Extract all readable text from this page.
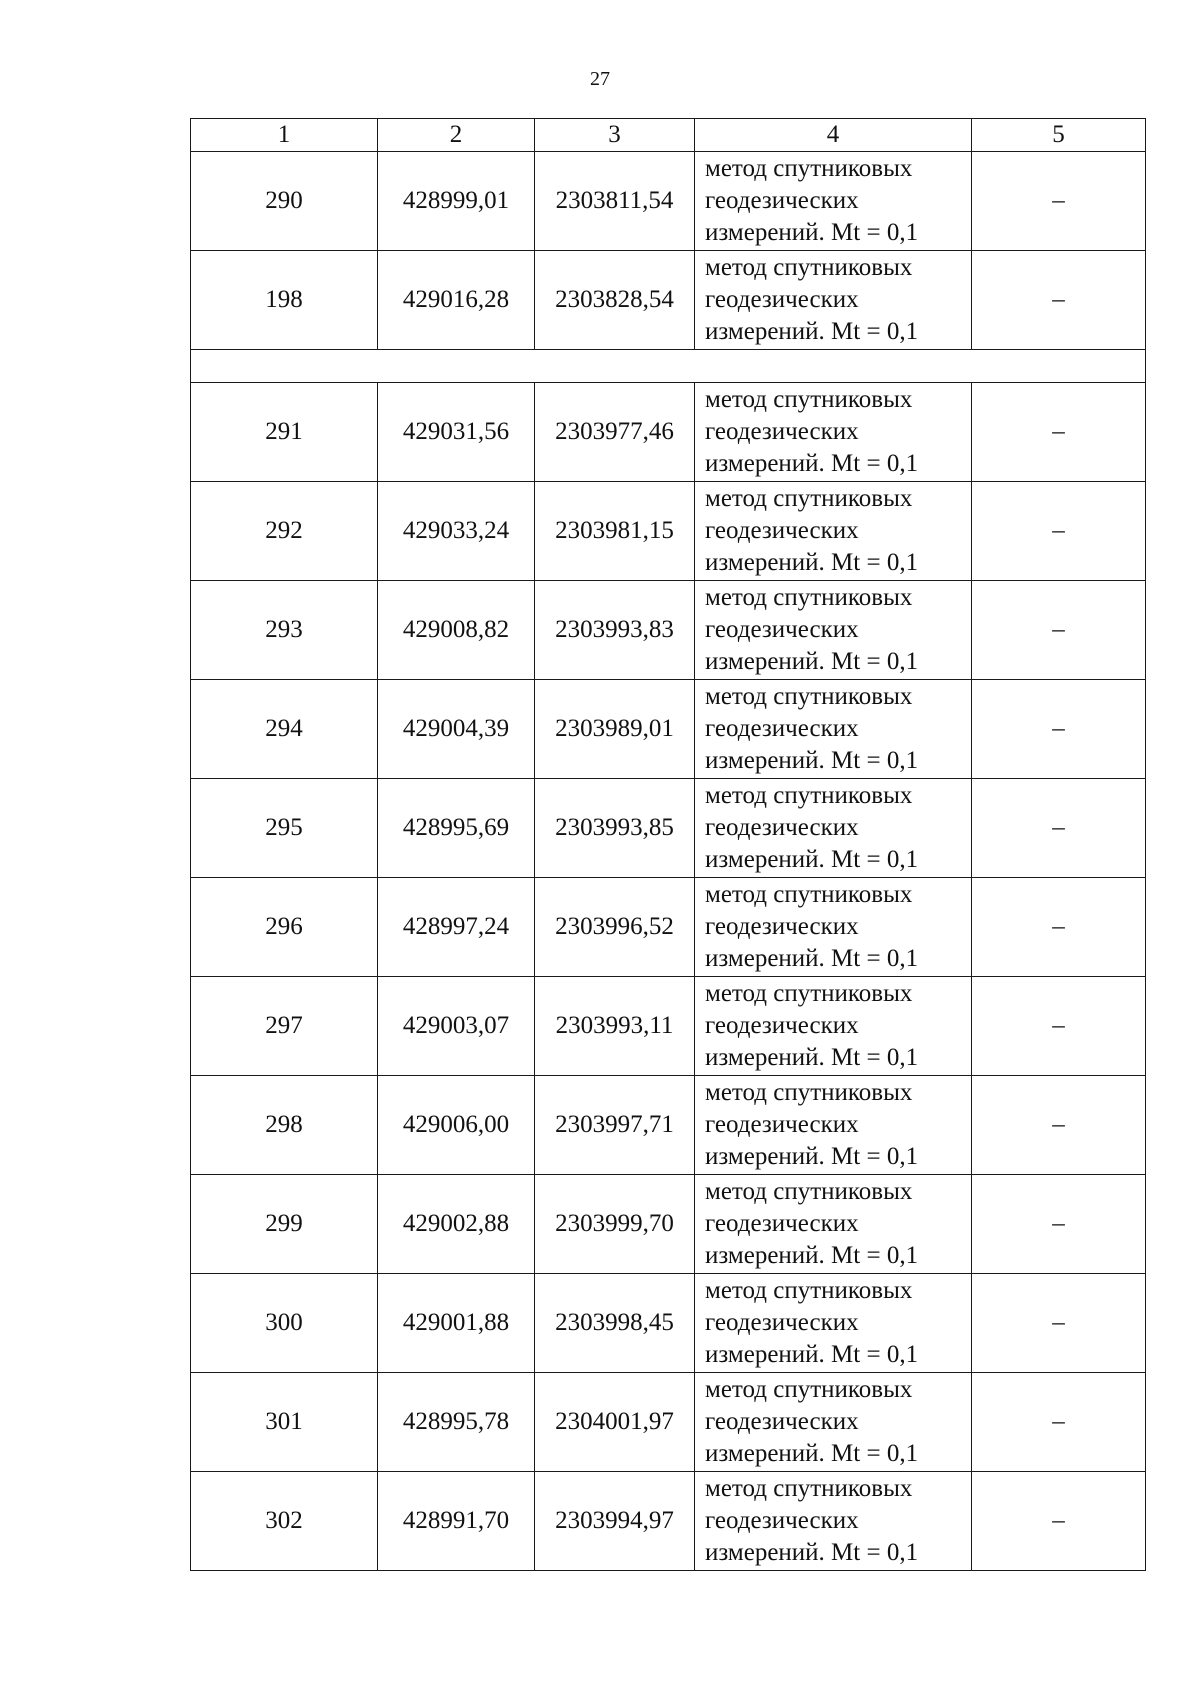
27
1	2	3	4	5
290	428999,01	2303811,54	метод спутниковых
геодезических
измерений. Mt = 0,1	–
198	429016,28	2303828,54	метод спутниковых
геодезических
измерений. Mt = 0,1	–

291	429031,56	2303977,46	метод спутниковых
геодезических
измерений. Mt = 0,1	–
292	429033,24	2303981,15	метод спутниковых
геодезических
измерений. Mt = 0,1	–
293	429008,82	2303993,83	метод спутниковых
геодезических
измерений. Mt = 0,1	–
294	429004,39	2303989,01	метод спутниковых
геодезических
измерений. Mt = 0,1	–
295	428995,69	2303993,85	метод спутниковых
геодезических
измерений. Mt = 0,1	–
296	428997,24	2303996,52	метод спутниковых
геодезических
измерений. Mt = 0,1	–
297	429003,07	2303993,11	метод спутниковых
геодезических
измерений. Mt = 0,1	–
298	429006,00	2303997,71	метод спутниковых
геодезических
измерений. Mt = 0,1	–
299	429002,88	2303999,70	метод спутниковых
геодезических
измерений. Mt = 0,1	–
300	429001,88	2303998,45	метод спутниковых
геодезических
измерений. Mt = 0,1	–
301	428995,78	2304001,97	метод спутниковых
геодезических
измерений. Mt = 0,1	–
302	428991,70	2303994,97	метод спутниковых
геодезических
измерений. Mt = 0,1	–
